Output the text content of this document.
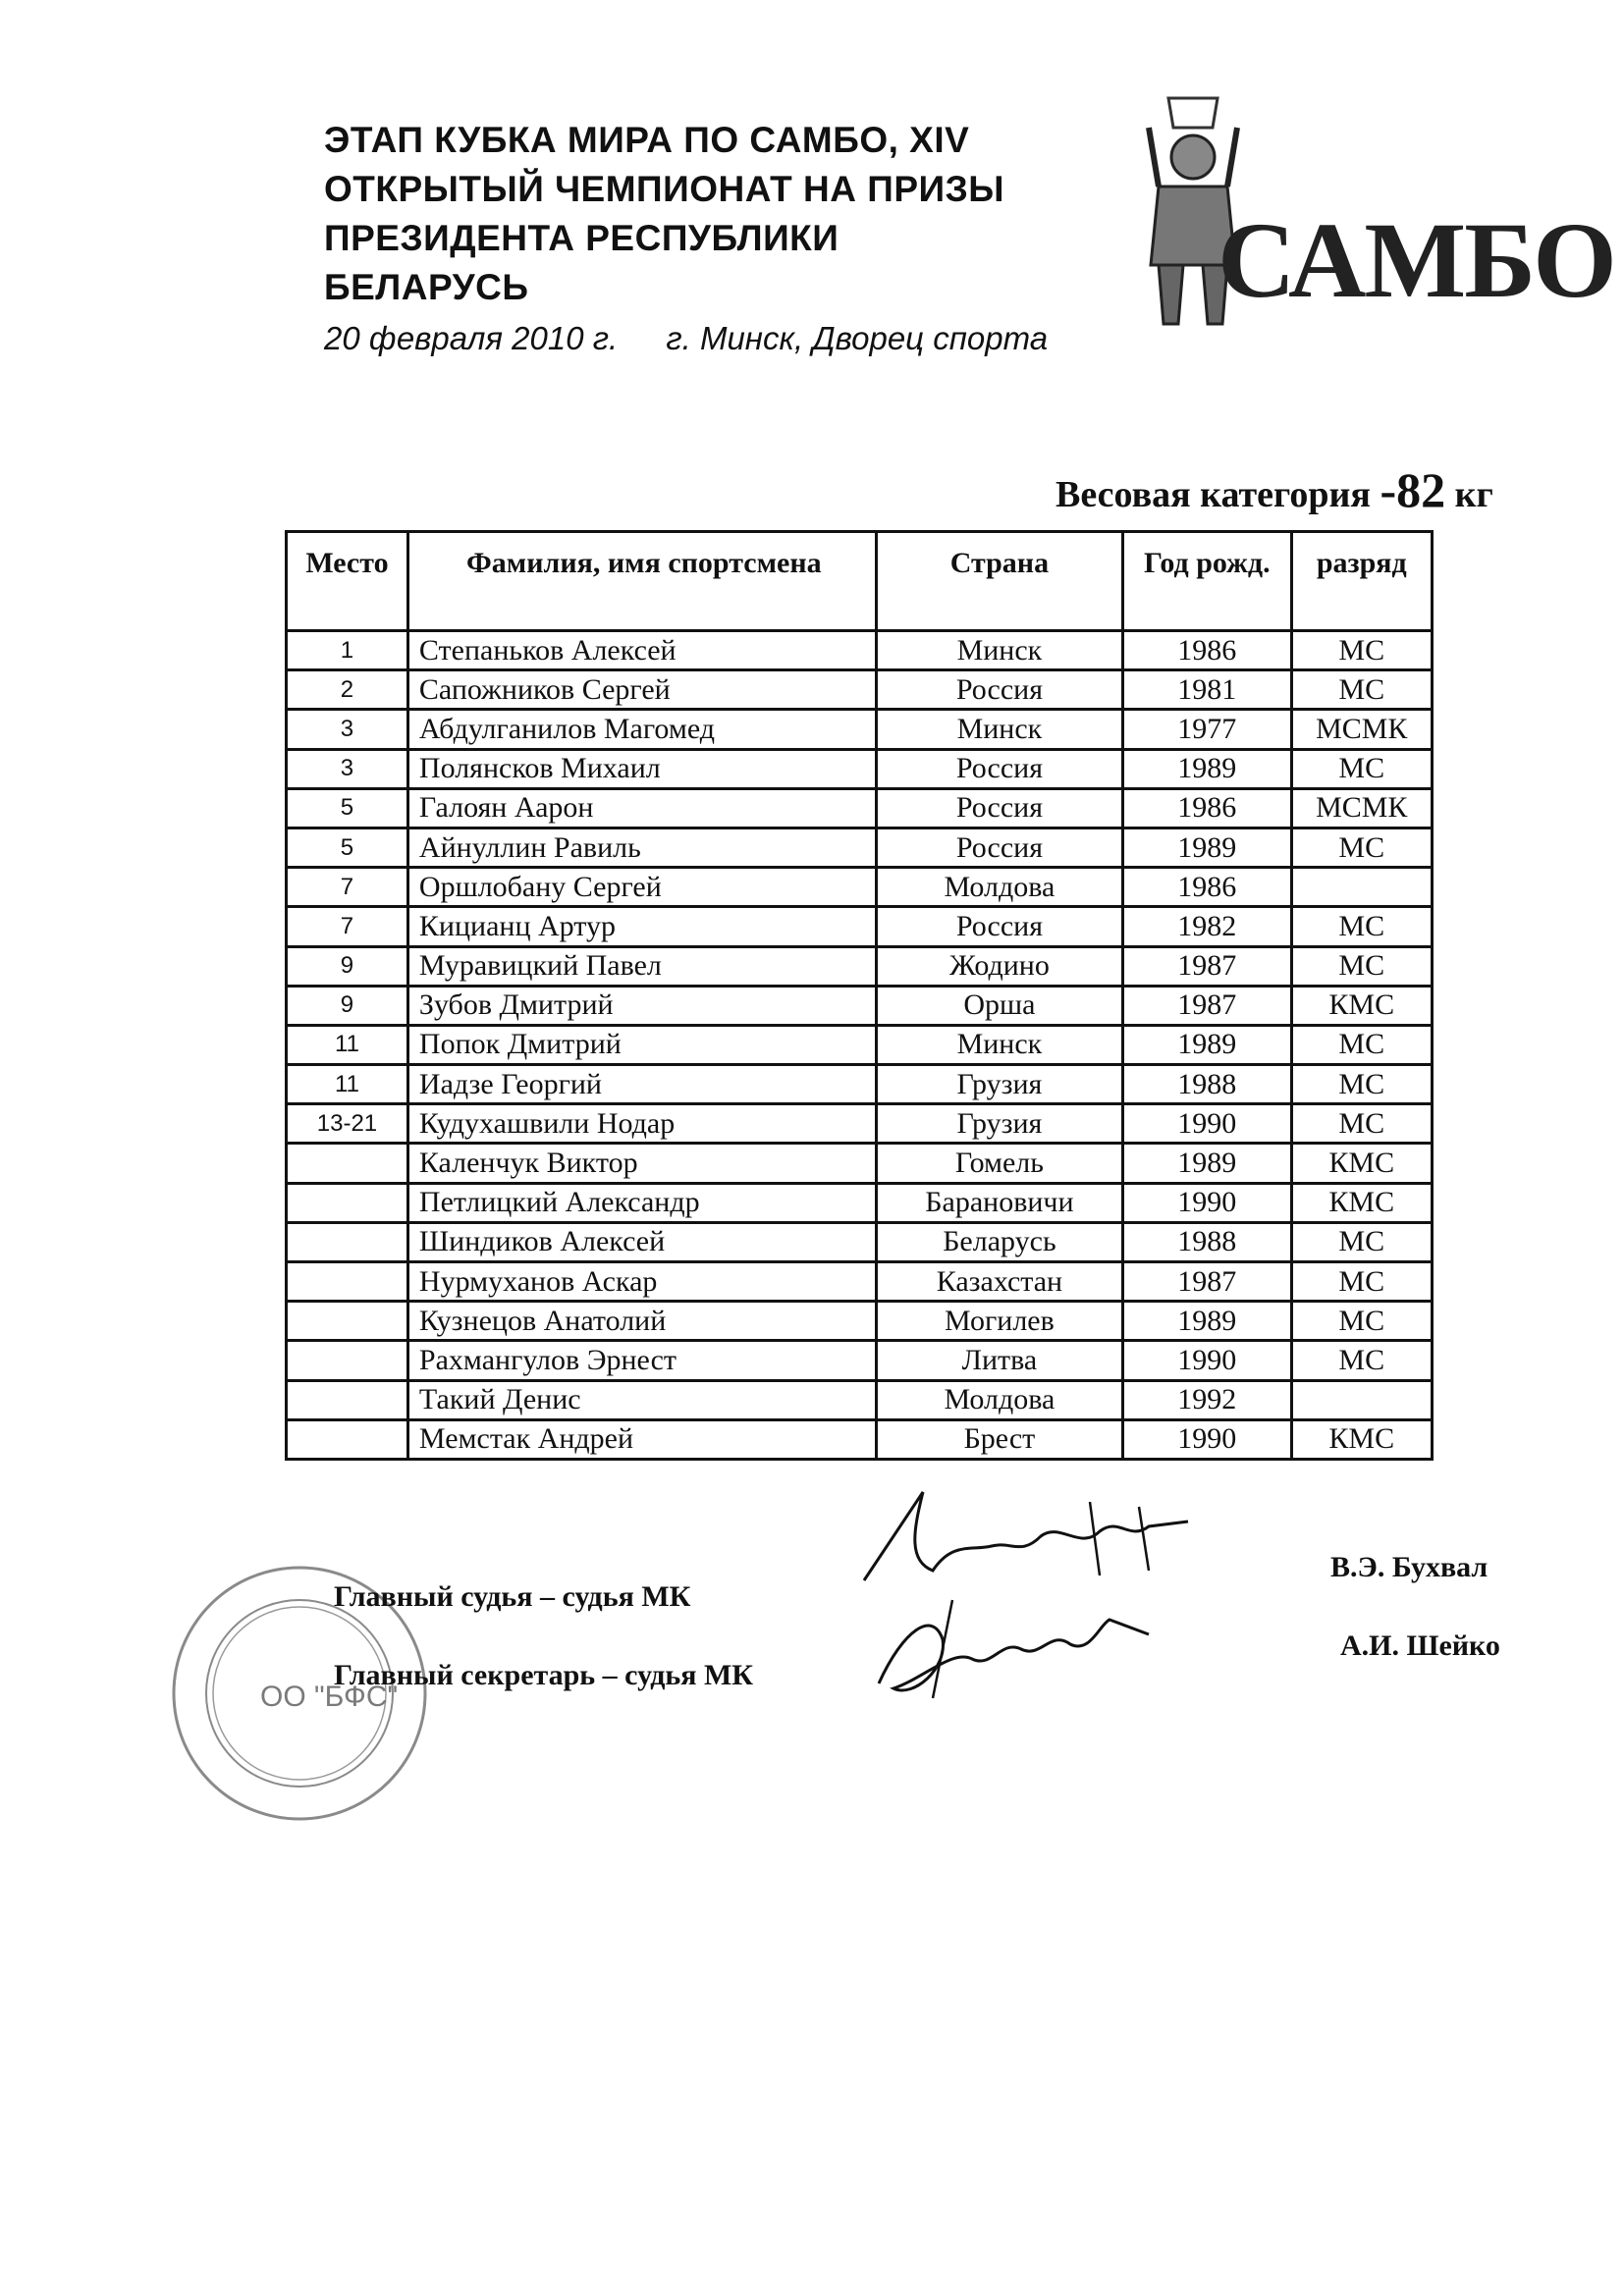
ЭТАП КУБКА МИРА ПО САМБО, XIV
ОТКРЫТЫЙ ЧЕМПИОНАТ НА ПРИЗЫ
ПРЕЗИДЕНТА РЕСПУБЛИКИ
БЕЛАРУСЬ
20 февраля 2010 г. г. Минск, Дворец спорта
САМБО
Весовая категория -82 кг
Место	Фамилия, имя спортсмена	Страна	Год рожд.	разряд
1	Степаньков Алексей	Минск	1986	МС
2	Сапожников Сергей	Россия	1981	МС
3	Абдулганилов Магомед	Минск	1977	МСМК
3	Полянсков Михаил	Россия	1989	МС
5	Галоян Аарон	Россия	1986	МСМК
5	Айнуллин Равиль	Россия	1989	МС
7	Оршлобану Сергей	Молдова	1986	
7	Кицианц Артур	Россия	1982	МС
9	Муравицкий Павел	Жодино	1987	МС
9	Зубов Дмитрий	Орша	1987	КМС
11	Попок Дмитрий	Минск	1989	МС
11	Иадзе Георгий	Грузия	1988	МС
13-21	Кудухашвили Нодар	Грузия	1990	МС
	Каленчук Виктор	Гомель	1989	КМС
	Петлицкий Александр	Барановичи	1990	КМС
	Шиндиков Алексей	Беларусь	1988	МС
	Нурмуханов Аскар	Казахстан	1987	МС
	Кузнецов Анатолий	Могилев	1989	МС
	Рахмангулов Эрнест	Литва	1990	МС
	Такий Денис	Молдова	1992	
	Мемстак Андрей	Брест	1990	КМС
ОО "БФС"
Главный судья – судья МК
Главный секретарь – судья МК
В.Э. Бухвал
А.И. Шейко
